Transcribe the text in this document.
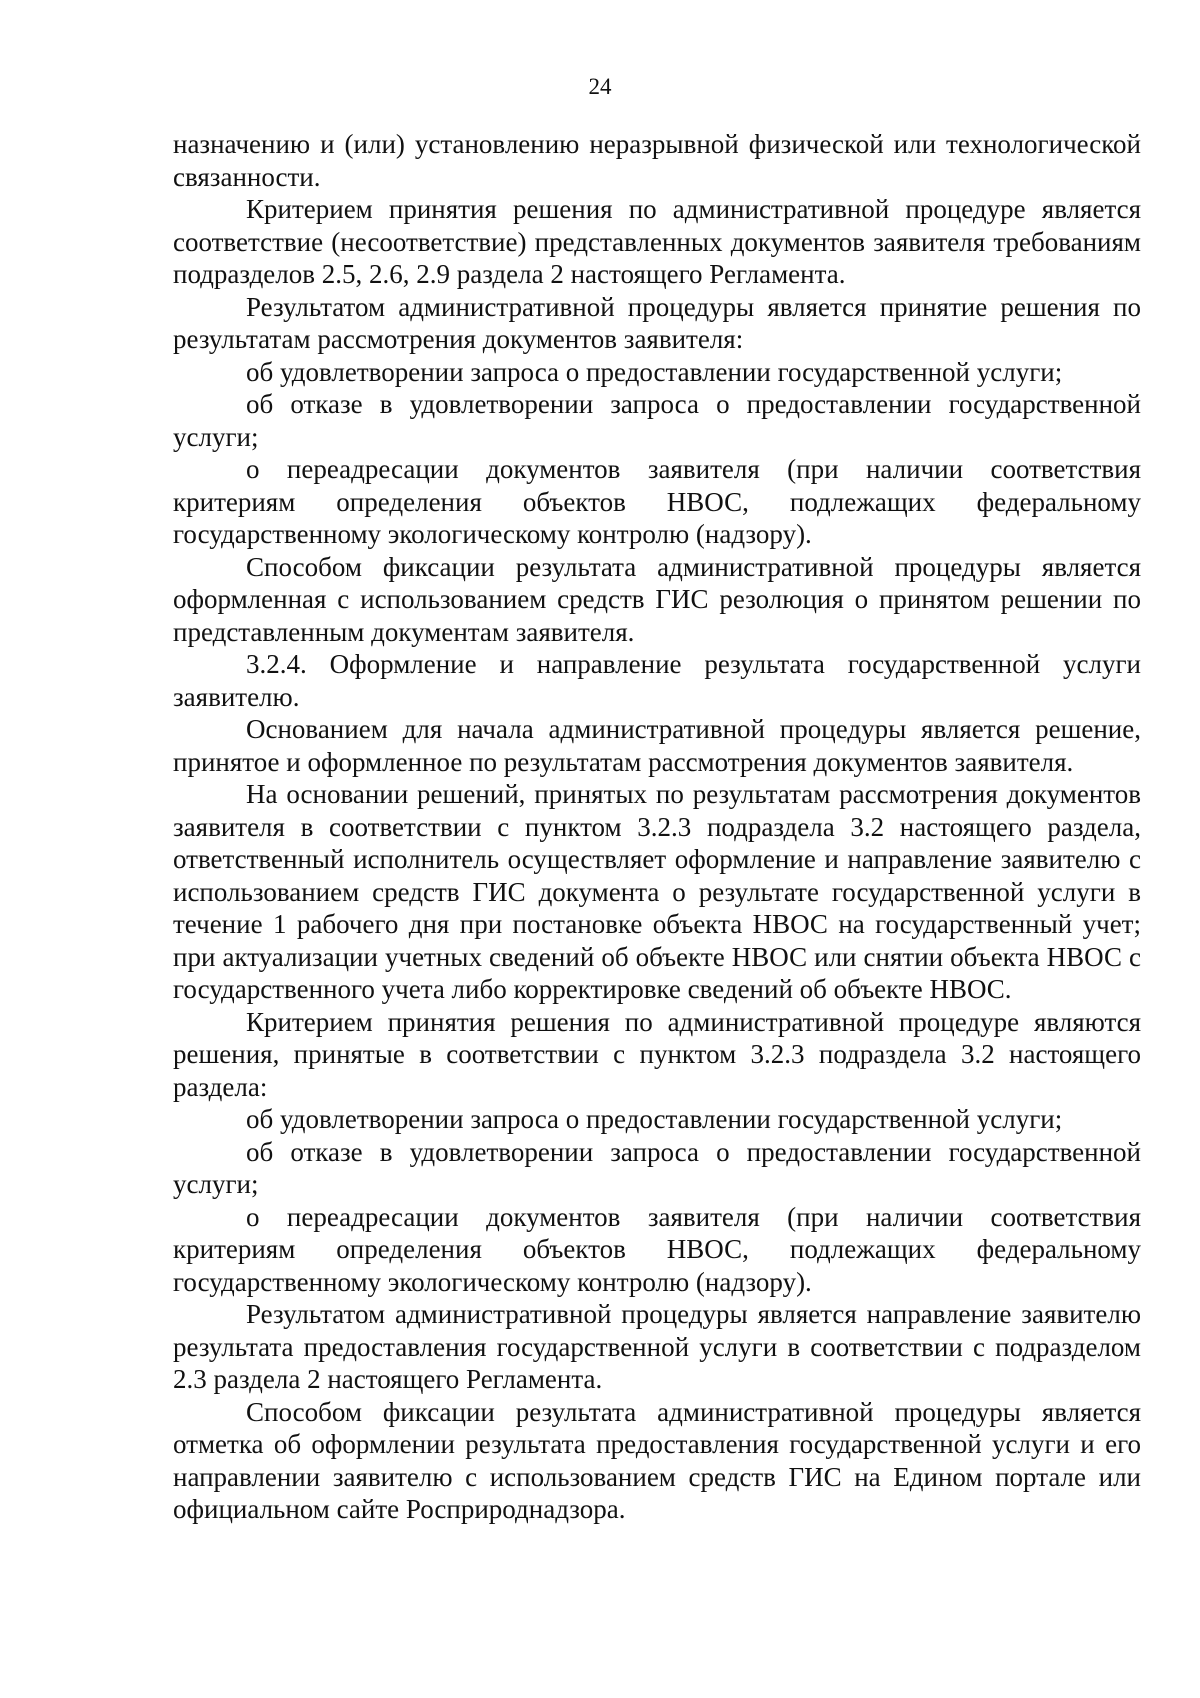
24

назначению и (или) установлению неразрывной физической или технологической связанности.

Критерием принятия решения по административной процедуре является соответствие (несоответствие) представленных документов заявителя требованиям подразделов 2.5, 2.6, 2.9 раздела 2 настоящего Регламента.

Результатом административной процедуры является принятие решения по результатам рассмотрения документов заявителя:

об удовлетворении запроса о предоставлении государственной услуги;

об отказе в удовлетворении запроса о предоставлении государственной услуги;

о переадресации документов заявителя (при наличии соответствия критериям определения объектов НВОС, подлежащих федеральному государственному экологическому контролю (надзору).

Способом фиксации результата административной процедуры является оформленная с использованием средств ГИС резолюция о принятом решении по представленным документам заявителя.

3.2.4. Оформление и направление результата государственной услуги заявителю.

Основанием для начала административной процедуры является решение, принятое и оформленное по результатам рассмотрения документов заявителя.

На основании решений, принятых по результатам рассмотрения документов заявителя в соответствии с пунктом 3.2.3 подраздела 3.2 настоящего раздела, ответственный исполнитель осуществляет оформление и направление заявителю с использованием средств ГИС документа о результате государственной услуги в течение 1 рабочего дня при постановке объекта НВОС на государственный учет; при актуализации учетных сведений об объекте НВОС или снятии объекта НВОС с государственного учета либо корректировке сведений об объекте НВОС.

Критерием принятия решения по административной процедуре являются решения, принятые в соответствии с пунктом 3.2.3 подраздела 3.2 настоящего раздела:

об удовлетворении запроса о предоставлении государственной услуги;

об отказе в удовлетворении запроса о предоставлении государственной услуги;

о переадресации документов заявителя (при наличии соответствия критериям определения объектов НВОС, подлежащих федеральному государственному экологическому контролю (надзору).

Результатом административной процедуры является направление заявителю результата предоставления государственной услуги в соответствии с подразделом 2.3 раздела 2 настоящего Регламента.

Способом фиксации результата административной процедуры является отметка об оформлении результата предоставления государственной услуги и его направлении заявителю с использованием средств ГИС на Едином портале или официальном сайте Росприроднадзора.
